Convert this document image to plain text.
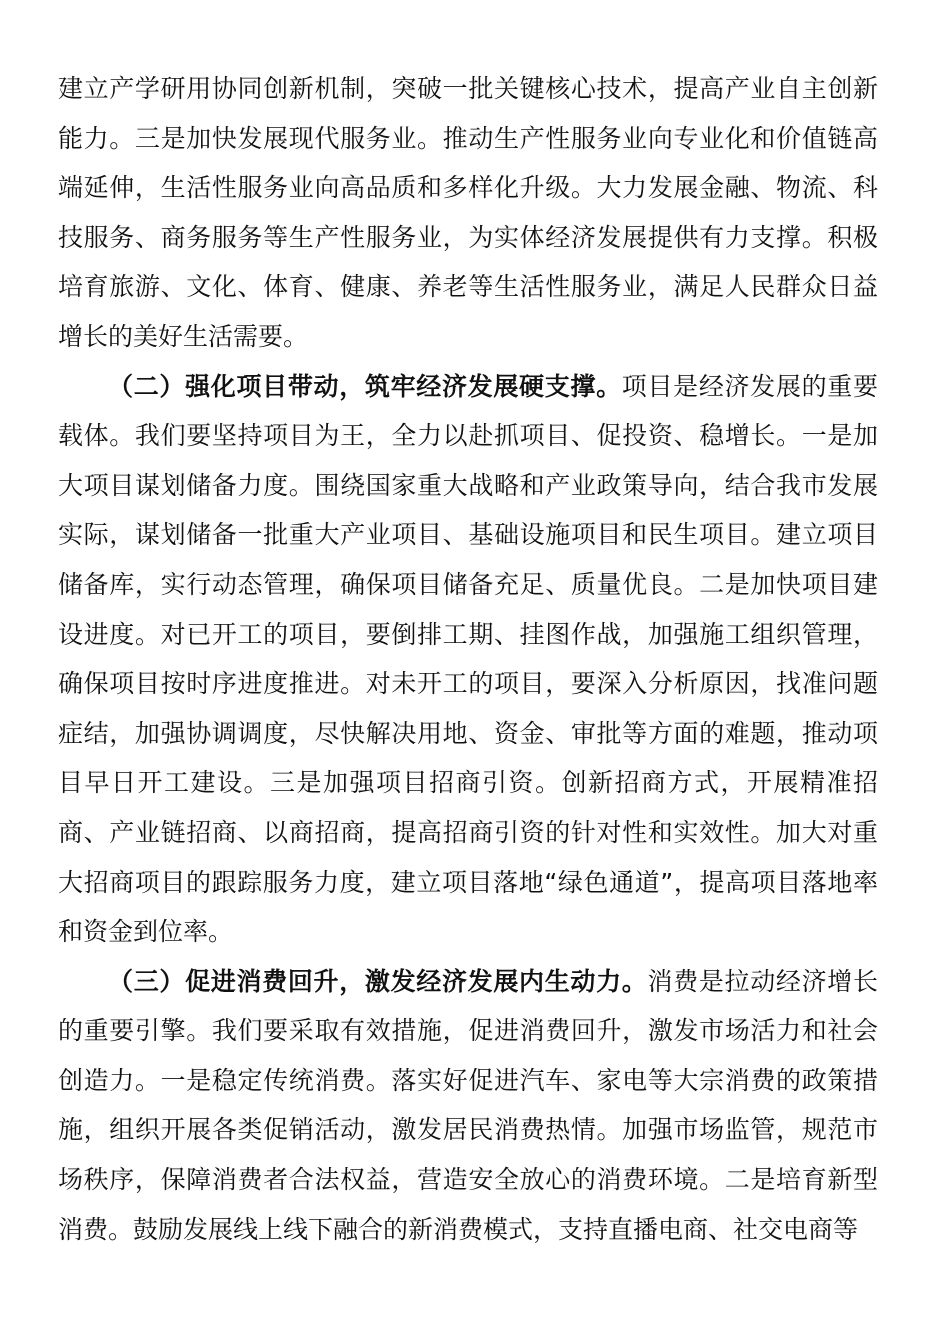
建立产学研用协同创新机制，突破一批关键核心技术，提高产业自主创新能力。三是加快发展现代服务业。推动生产性服务业向专业化和价值链高端延伸，生活性服务业向高品质和多样化升级。大力发展金融、物流、科技服务、商务服务等生产性服务业，为实体经济发展提供有力支撑。积极培育旅游、文化、体育、健康、养老等生活性服务业，满足人民群众日益增长的美好生活需要。

（二）强化项目带动，筑牢经济发展硬支撑。项目是经济发展的重要载体。我们要坚持项目为王，全力以赴抓项目、促投资、稳增长。一是加大项目谋划储备力度。围绕国家重大战略和产业政策导向，结合我市发展实际，谋划储备一批重大产业项目、基础设施项目和民生项目。建立项目储备库，实行动态管理，确保项目储备充足、质量优良。二是加快项目建设进度。对已开工的项目，要倒排工期、挂图作战，加强施工组织管理，确保项目按时序进度推进。对未开工的项目，要深入分析原因，找准问题症结，加强协调调度，尽快解决用地、资金、审批等方面的难题，推动项目早日开工建设。三是加强项目招商引资。创新招商方式，开展精准招商、产业链招商、以商招商，提高招商引资的针对性和实效性。加大对重大招商项目的跟踪服务力度，建立项目落地“绿色通道”，提高项目落地率和资金到位率。

（三）促进消费回升，激发经济发展内生动力。消费是拉动经济增长的重要引擎。我们要采取有效措施，促进消费回升，激发市场活力和社会创造力。一是稳定传统消费。落实好促进汽车、家电等大宗消费的政策措施，组织开展各类促销活动，激发居民消费热情。加强市场监管，规范市场秩序，保障消费者合法权益，营造安全放心的消费环境。二是培育新型消费。鼓励发展线上线下融合的新消费模式，支持直播电商、社交电商等
